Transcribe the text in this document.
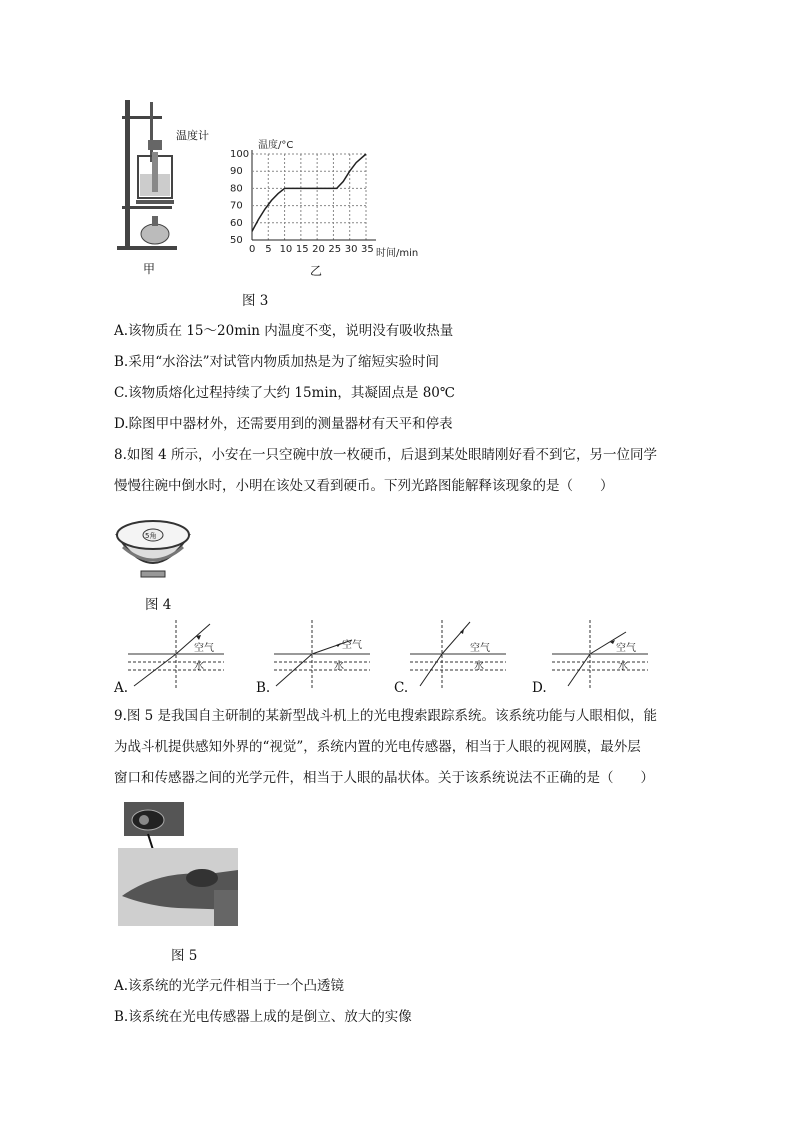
温度计
甲
温度/°C
时间/min
100
90
80
70
60
50
0 5 10 15 20 25 30 35
乙
图 3
A.该物质在 15～20min 内温度不变，说明没有吸收热量
B.采用“水浴法”对试管内物质加热是为了缩短实验时间
C.该物质熔化过程持续了大约 15min，其凝固点是 80℃
D.除图甲中器材外，还需要用到的测量器材有天平和停表
8.如图 4 所示，小安在一只空碗中放一枚硬币，后退到某处眼睛刚好看不到它，另一位同学
慢慢往碗中倒水时，小明在该处又看到硬币。下列光路图能解释该现象的是（　　）
5角
图 4
空气
水
A.
空气
水
B.
空气
水
C.
空气
水
D.
9.图 5 是我国自主研制的某新型战斗机上的光电搜索跟踪系统。该系统功能与人眼相似，能
为战斗机提供感知外界的“视觉”，系统内置的光电传感器，相当于人眼的视网膜，最外层
窗口和传感器之间的光学元件，相当于人眼的晶状体。关于该系统说法不正确的是（　　）
图 5
A.该系统的光学元件相当于一个凸透镜
B.该系统在光电传感器上成的是倒立、放大的实像
